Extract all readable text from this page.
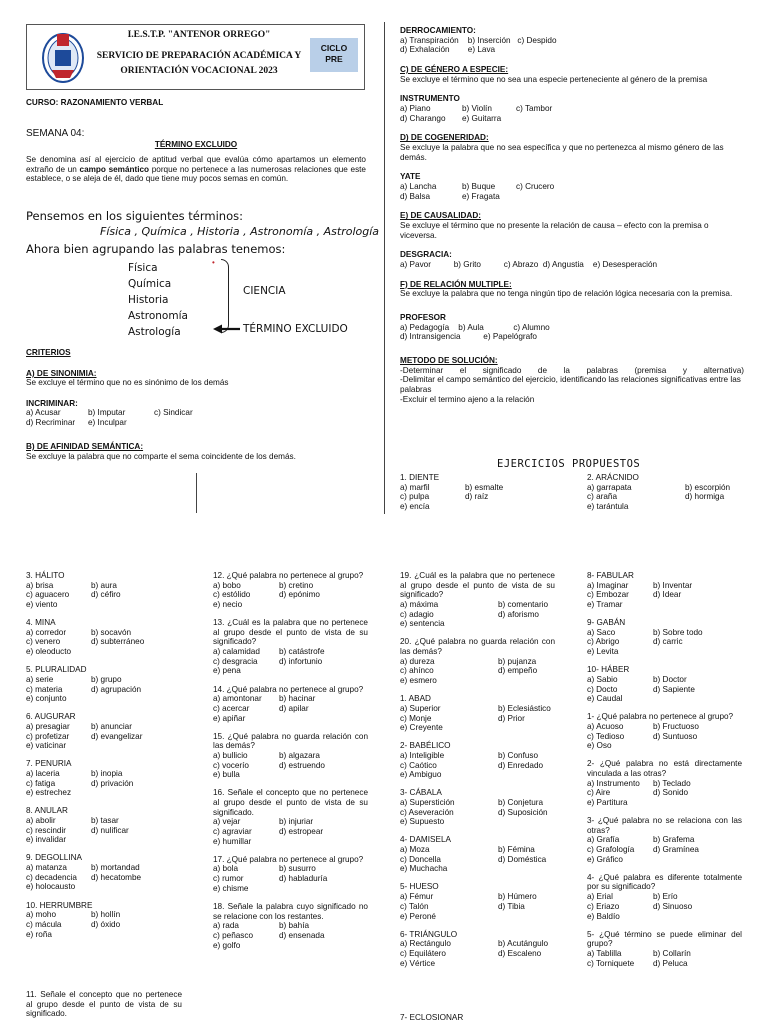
I.E.S.T.P. "ANTENOR ORREGO"
SERVICIO DE PREPARACIÓN ACADÉMICA Y
ORIENTACIÓN VOCACIONAL 2023
CICLO
PRE
CURSO: RAZONAMIENTO VERBAL
SEMANA 04:
TÉRMINO EXCLUIDO
Se denomina así al ejercicio de aptitud verbal que evalúa cómo apartamos un elemento extraño de un campo semántico porque no pertenece a las numerosas relaciones que este establece, o se aleja de él, dado que tiene muy pocos semas en común.
Pensemos en los siguientes términos:
Física , Química , Historia , Astronomía , Astrología
Ahora bien agrupando las palabras tenemos:
Física
Química
Historia
Astronomía
Astrología
•
CIENCIA
TÉRMINO EXCLUIDO
CRITERIOS
A) DE SINONIMIA:
Se excluye el término que no es sinónimo de los demás
INCRIMINAR:
a) Acusar	b) Imputar	c) Sindicar
d) Recriminar	e) Inculpar
B) DE AFINIDAD SEMÁNTICA:
Se excluye la palabra que no comparte el sema coincidente de los demás.
DERROCAMIENTO:
a) Transpiración    b) Inserción   c) Despido
d) Exhalación        e) Lava
C) DE GÉNERO A ESPECIE:
Se excluye el término que no sea una especie perteneciente al género de la premisa
INSTRUMENTO
a) Piano	b) Violín	c) Tambor
d) Charango	e) Guitarra
D) DE COGENERIDAD:
Se excluye la palabra que no sea específica y que no pertenezca al mismo género de las demás.
YATE
a) Lancha	b) Buque	c) Crucero
d) Balsa	e) Fragata
E) DE CAUSALIDAD:
Se excluye el término que no presente la relación de causa – efecto con la premisa o viceversa.
DESGRACIA:
a) Pavor          b) Grito          c) Abrazo  d) Angustia    e) Desesperación
F) DE RELACIÓN MULTIPLE:
Se excluye la palabra que no tenga ningún tipo de relación lógica necesaria con la premisa.
PROFESOR
a) Pedagogía    b) Aula             c) Alumno
d) Intransigencia          e) Papelógrafo
METODO DE SOLUCIÓN:
-Determinar el significado de la palabras (premisa y alternativa)
-Delimitar el campo semántico del ejercicio, identificando las relaciones significativas entre las palabras
-Excluir el termino ajeno a la relación
EJERCICIOS PROPUESTOS
1. DIENTE
a) marfil	b) esmalte
c) pulpa	d) raíz
e) encía
2. ARÁCNIDO
a) garrapata	b) escorpión
c) araña	d) hormiga
e) tarántula
3. HÁLITO
a) brisa	b) aura
c) aguacero	d) céfiro
e) viento
4. MINA
a) corredor	b) socavón
c) venero	d) subterráneo
e) oleoducto
5. PLURALIDAD
a) serie	b) grupo
c) materia	d) agrupación
e) conjunto
6. AUGURAR
a) presagiar	b) anunciar
c) profetizar	d) evangelizar
e) vaticinar
7. PENURIA
a) laceria	b) inopia
c) fatiga	d) privación
e) estrechez
8. ANULAR
a) abolir	b) tasar
c) rescindir	d) nulificar
e) invalidar
9. DEGOLLINA
a) matanza	b) mortandad
c) decadencia	d) hecatombe
e) holocausto
10. HERRUMBRE
a) moho	b) hollín
c) mácula	d) óxido
e) roña
11. Señale el concepto que no pertenece al grupo desde el punto de vista de su significado.
12. ¿Qué palabra no pertenece al grupo?
a) bobo	b) cretino
c) estólido	d) epónimo
e) necio
13. ¿Cuál es la palabra que no pertenece al grupo desde el punto de vista de su significado?
a) calamidad	b) catástrofe
c) desgracia	d) infortunio
e) pena
14. ¿Qué palabra no pertenece al grupo?
a) amontonar	b) hacinar
c) acercar	d) apilar
e) apiñar
15. ¿Qué palabra no guarda relación con las demás?
a) bullicio	b) algazara
c) vocerío	d) estruendo
e) bulla
16. Señale el concepto que no pertenece al grupo desde el punto de vista de su significado.
a) vejar	b) injuriar
c) agraviar	d) estropear
e) humillar
17. ¿Qué palabra no pertenece al grupo?
a) bola	b) susurro
c) rumor	d) habladuría
e) chisme
18. Señale la palabra cuyo significado no se relacione con los restantes.
a) rada	b) bahía
c) peñasco	d) ensenada
e) golfo
19. ¿Cuál es la palabra que no pertenece al grupo desde el punto de vista de su significado?
a) máxima	b) comentario
c) adagio	d) aforismo
e) sentencia
20. ¿Qué palabra no guarda relación con las demás?
a) dureza	b) pujanza
c) ahínco	d) empeño
e) esmero
1. ABAD
a) Superior	b) Eclesiástico
c) Monje	d) Prior
e) Creyente
2- BABÉLICO
a) Inteligible	b) Confuso
c) Caótico	d) Enredado
e) Ambiguo
3- CÁBALA
a) Superstición	b) Conjetura
c) Aseveración	d) Suposición
e) Supuesto
4- DAMISELA
a) Moza	b) Fémina
c) Doncella	d) Doméstica
e) Muchacha
5- HUESO
a) Fémur	b) Húmero
c) Talón	d) Tibia
e) Peroné
6- TRIÁNGULO
a) Rectángulo	b) Acutángulo
c) Equilátero	d) Escaleno
e) Vértice
7- ECLOSIONAR
8- FABULAR
a) Imaginar	b) Inventar
c) Embozar	d) Idear
e) Tramar
9- GABÁN
a) Saco	b) Sobre todo
c) Abrigo	d) carric
e) Levita
10- HÁBER
a) Sabio	b) Doctor
c) Docto	d) Sapiente
e) Caudal
1- ¿Qué palabra no pertenece al grupo?
a) Acuoso	b) Fructuoso
c) Tedioso	d) Suntuoso
e) Oso
2- ¿Qué palabra no está directamente vinculada a las otras?
a) Instrumento	b) Teclado
c) Aire	d) Sonido
e) Partitura
3- ¿Qué palabra no se relaciona con las otras?
a) Grafía	b) Grafema
c) Grafología	d) Gramínea
e) Gráfico
4- ¿Qué palabra es diferente totalmente por su significado?
a) Erial	b) Erío
c) Eriazo	d) Sinuoso
e) Baldío
5- ¿Qué término se puede eliminar del grupo?
a) Tablilla	b) Collarín
c) Torniquete	d) Peluca
